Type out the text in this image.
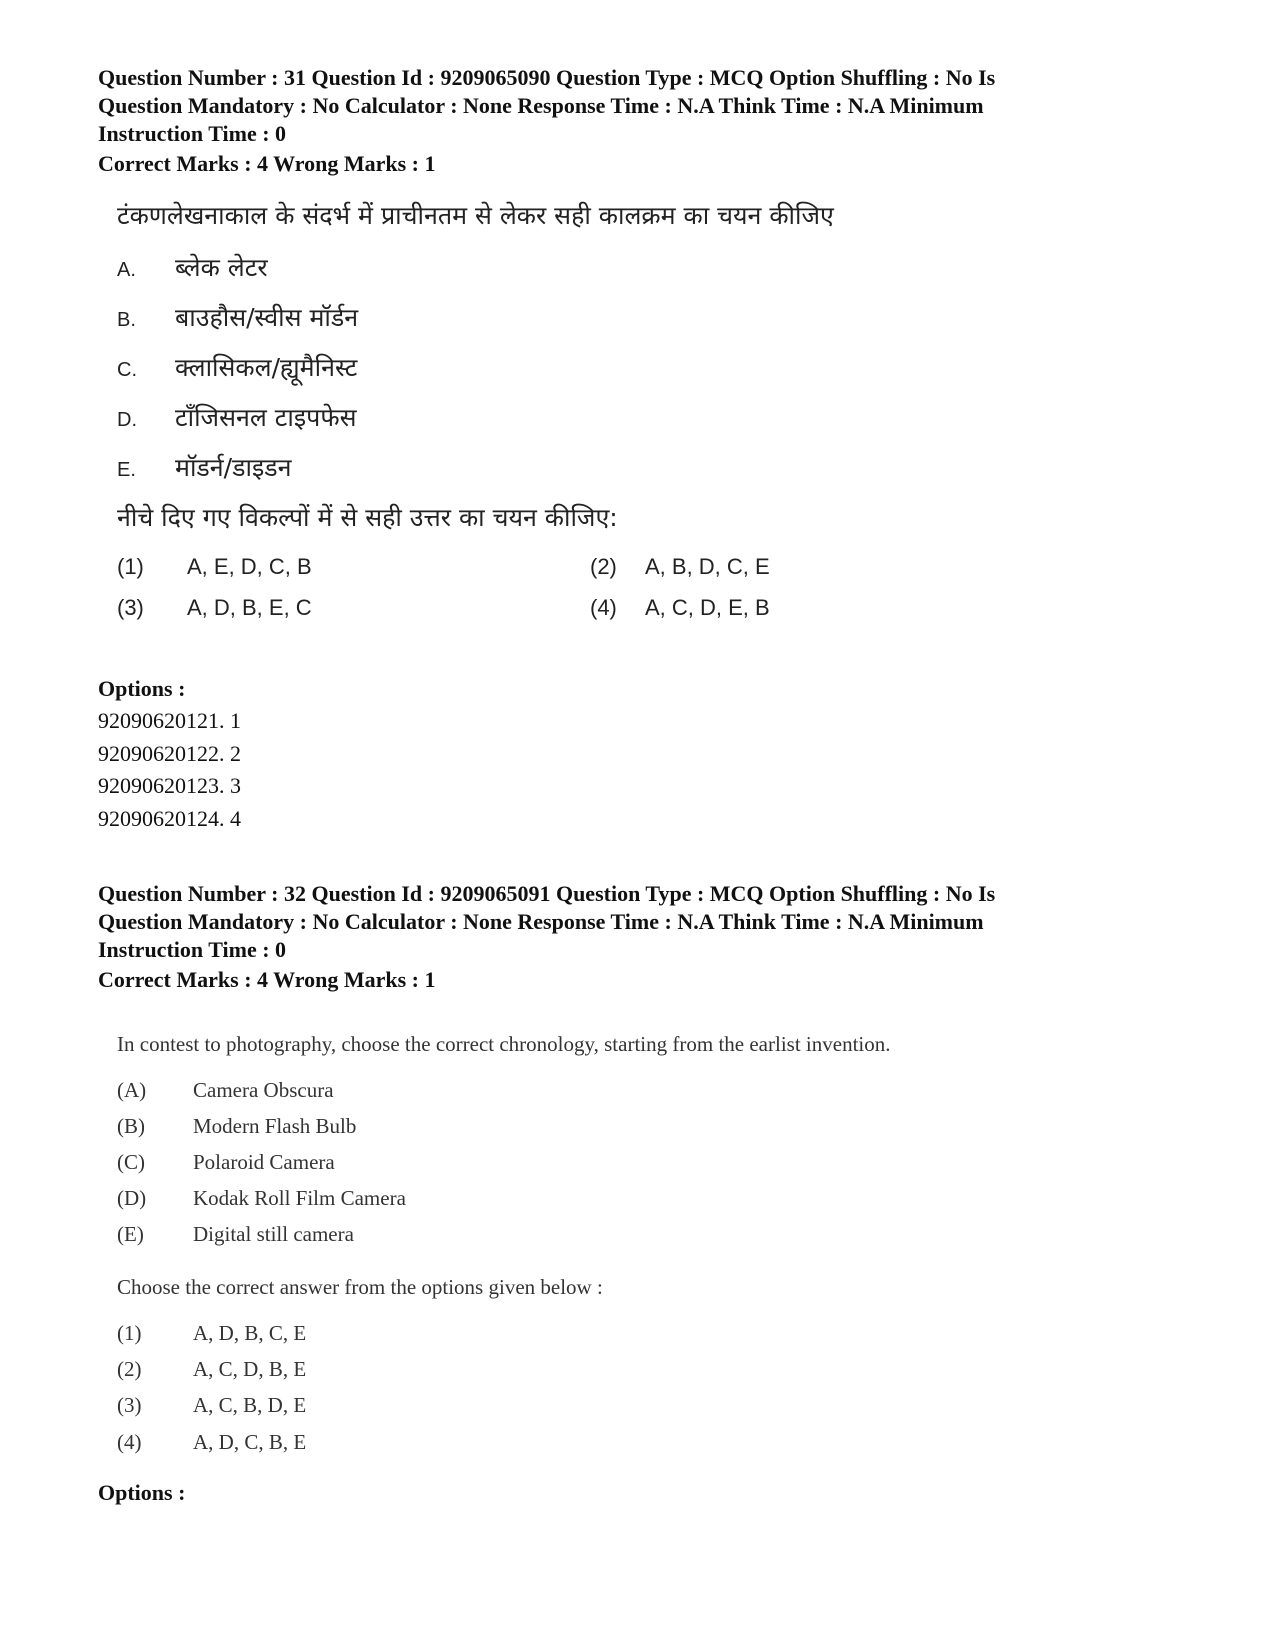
Question Number : 31 Question Id : 9209065090 Question Type : MCQ Option Shuffling : No Is
Question Mandatory : No Calculator : None Response Time : N.A Think Time : N.A Minimum
Instruction Time : 0
Correct Marks : 4 Wrong Marks : 1
टंकणलेखनाकाल के संदर्भ में प्राचीनतम से लेकर सही कालक्रम का चयन कीजिए
A. ब्लेक लेटर
B. बाउहौस/स्वीस मॉर्डन
C. क्लासिकल/ह्यूमैनिस्ट
D. टाँजिसनल टाइपफेस
E. मॉडर्न/डाइडन
नीचे दिए गए विकल्पों में से सही उत्तर का चयन कीजिए:
(1) A, E, D, C, B	(2) A, B, D, C, E
(3) A, D, B, E, C	(4) A, C, D, E, B
Options :
92090620121. 1
92090620122. 2
92090620123. 3
92090620124. 4
Question Number : 32 Question Id : 9209065091 Question Type : MCQ Option Shuffling : No Is
Question Mandatory : No Calculator : None Response Time : N.A Think Time : N.A Minimum
Instruction Time : 0
Correct Marks : 4 Wrong Marks : 1
In contest to photography, choose the correct chronology, starting from the earlist invention.
(A) Camera Obscura
(B) Modern Flash Bulb
(C) Polaroid Camera
(D) Kodak Roll Film Camera
(E) Digital still camera
Choose the correct answer from the options given below :
(1) A, D, B, C, E
(2) A, C, D, B, E
(3) A, C, B, D, E
(4) A, D, C, B, E
Options :
